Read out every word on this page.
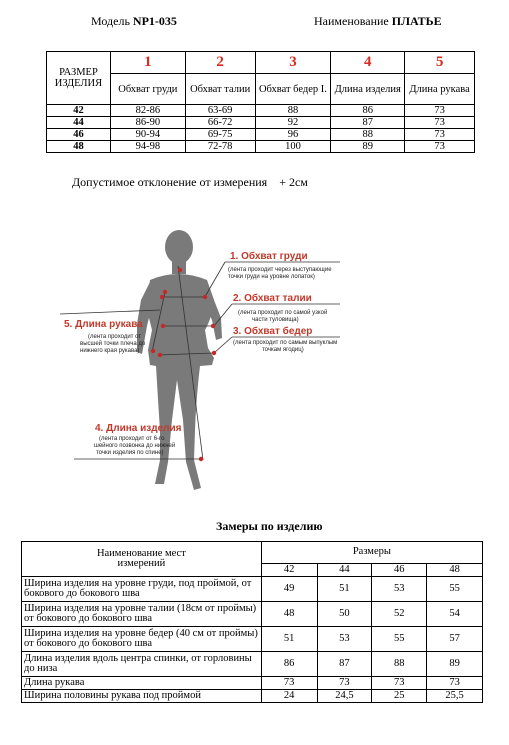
Модель NP1-035	Наименование ПЛАТЬЕ
РАЗМЕР ИЗДЕЛИЯ	1	2	3	4	5
	Обхват груди	Обхват талии	Обхват бедер I.	Длина изделия	Длина рукава
42	82-86	63-69	88	86	73
44	86-90	66-72	92	87	73
46	90-94	69-75	96	88	73
48	94-98	72-78	100	89	73
Допустимое отклонение от измерения + 2см
1. Обхват груди
(лента проходит через выступающие
точки груди на уровне лопаток)
2. Обхват талии
(лента проходит по самой узкой
части туловища)
3. Обхват бедер
(лента проходит по самым выпуклым
точкам ягодиц)
5. Длина рукава
(лента проходит от
высшей точки плеча до
нижнего края рукава)
4. Длина изделия
(лента проходит от 6-го
шейного позвонка до нижней
точки изделия по спине)
Замеры по изделию
Наименование мест измерений	Размеры			
	42	44	46	48
Ширина изделия на уровне груди, под проймой, от бокового до бокового шва	49	51	53	55
Ширина изделия на уровне талии (18см от проймы) от бокового до бокового шва	48	50	52	54
Ширина изделия на уровне бедер (40 см от проймы) от бокового до бокового шва	51	53	55	57
Длина изделия вдоль центра спинки, от горловины до низа	86	87	88	89
Длина рукава	73	73	73	73
Ширина половины рукава под проймой	24	24,5	25	25,5
